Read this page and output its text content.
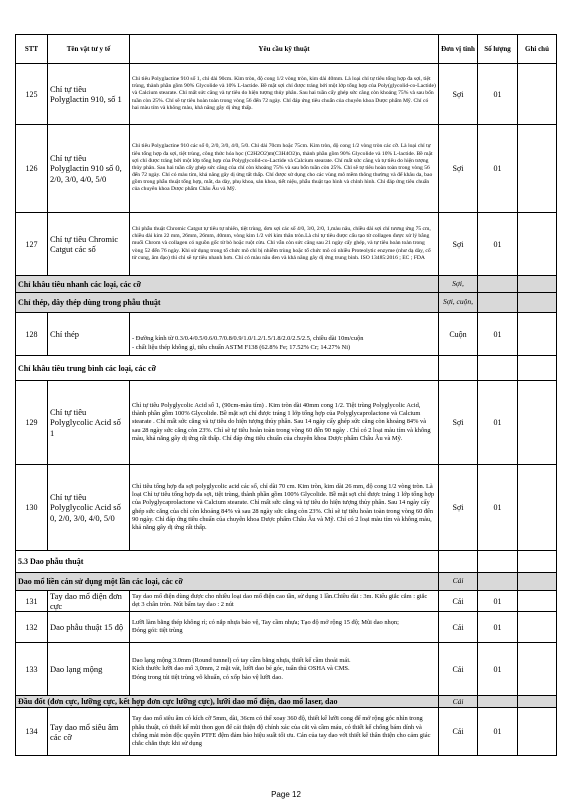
STT	Tên vật tư y tế	Yêu cầu kỹ thuật	Đơn vị tính	Số lượng	Ghi chú
125	Chỉ tự tiêu Polyglactin 910, số 1	Chỉ tiêu Polyglactine 910 số 1, chỉ dài 90cm. Kim tròn, độ cong 1/2 vòng tròn, kim dài 40mm. Là loại chỉ tự tiêu tổng hợp đa sợi, tiệt trùng, thành phần gồm 90% Glycolide và 10% L-lactide. Bề mặt sợi chỉ được tráng bởi một lớp tổng hợp của Poly(glycolid-co-Lactide) và Calcium stearate. Chỉ mất sức căng và tự tiêu do hiện tượng thủy phân. Sau hai tuần cấy ghép sức căng còn khoảng 75% và sau bốn tuần còn 25%. Chỉ sẽ tự tiêu hoàn toàn trong vòng 56 đến 72 ngày. Chỉ đáp ứng tiêu chuẩn của chuyên khoa Dược phẩm Mỹ. Chỉ có hai màu tím và không màu, khả năng gây dị ứng thấp.	Sợi	01	
126	Chỉ tự tiêu Polyglactin 910 số 0, 2/0, 3/0, 4/0, 5/0	Chỉ tiêu Polyglactine 910 các số 0, 2/0, 3/0, 4/0, 5/0. Chỉ dài 70cm hoặc 75cm. Kim tròn, độ cong 1/2 vòng tròn các cỡ. Là loại chỉ tự tiêu tổng hợp đa sợi, tiệt trùng, công thức hóa học (C2H2O2)m(C3H4O2)n, thành phần gồm 90% Glycolide và 10% L-lactide. Bề mặt sợi chỉ được tráng bởi một lớp tổng hợp của Polyglycolid-co-Lactide và Calcium stearate. Chỉ mất sức căng và tự tiêu do hiện tượng thủy phân. Sau hai tuần cấy ghép sức căng của chỉ còn khoảng 75% và sau bốn tuần còn 25%. Chỉ sẽ tự tiêu hoàn toàn trong vòng 56 đến 72 ngày. Chỉ có màu tím, khả năng gây dị ứng tất thấp. Chỉ được sử dụng cho các vùng mô mềm thông thường và để khâu da, bao gồm trong phẫu thuật tổng hợp, mắt, da dày, phụ khoa, sản khoa, tiết niệu, phẫu thuật tạo hình và chỉnh hình. Chỉ đáp ứng tiêu chuẩn của chuyên khoa Dược phẩm Châu Âu và Mỹ.	Sợi	01	
127	Chỉ tự tiêu Chromic Catgut các số	Chỉ phẫu thuật Chromic Catgut tự tiêu tự nhiên, tiệt trùng, đơn sợi các số 4/0, 3/0, 2/0, 1,màu nâu, chiều dài sợi chỉ tương ứng 75 cm, chiều dài kim 22 mm, 26mm, 26mm, 40mm, vòng kim 1/2 với kim thân tròn.Là chỉ tự tiêu được cấu tạo từ collagen được xử lý bằng muối Chrom và collagen có nguồn gốc từ bò hoặc ruột cừu. Chỉ vẫn còn sức căng sau 21 ngày cấy ghép, và tự tiêu hoàn toàn trong vòng 52 đến 76 ngày. Khi sử dụng trong tổ chức mô chỉ bị nhiễm trùng hoặc tổ chức mô có nhiều Proteolytic enzyme (như dạ dày, cổ tử cung, âm đạo) thì chỉ sẽ tự tiêu nhanh hơn. Chỉ có màu nâu đen và khả năng gây dị ứng trung bình. ISO 13485:2016 ; EC ; FDA	Sợi	01	
Chỉ khâu tiêu nhanh các loại, các cỡ			Sợi,		
Chỉ thép, dây thép dùng trong phẫu thuật			Sợi, cuộn,		
128	Chỉ thép	- Đường kính từ 0.3/0.4/0.5/0.6/0.7/0.8/0.9/1.0/1.2/1.5/1.8/2.0/2.5/2.5, chiều dài 10m/cuộn
- chất liệu thép không gỉ, tiêu chuẩn ASTM F138 (62.8% Fe; 17.52% Cr; 14.27% Ni)	Cuộn	01	
Chỉ khâu tiêu trung bình các loại, các cỡ					
129	Chỉ tự tiêu Polyglycolic Acid số 1	Chỉ tự tiêu Polyglycolic Acid số 1, (90cm-màu tím) . Kim tròn dài 40mm cong 1/2. Tiệt trùng Polyglycolic Acid, thành phần gồm 100% Glycolide. Bề mặt sợi chỉ được tráng 1 lớp tổng hợp của Polyglycaprolactone và Calcium stearate . Chỉ mất sức căng và tự tiêu do hiện tượng thủy phân. Sau 14 ngày cấy ghép sức căng còn khoảng 84% và sau 28 ngày sức căng còn 23%. Chỉ sẽ tự tiêu hoàn toàn trong vòng 60 đến 90 ngày . Chỉ có 2 loại màu tím và không màu, khả năng gây dị ứng rất thấp. Chỉ đáp ứng tiêu chuẩn của chuyên khoa Dược phẩm Châu Âu và Mỹ.	Sợi	01	
130	Chỉ tự tiêu Polyglycolic Acid số 0, 2/0, 3/0, 4/0, 5/0	Chỉ tiêu tổng hợp đa sợi polyglycolic acid các số, chỉ dài 70 cm. Kim tròn, kim dài 26 mm, độ cong 1/2 vòng tròn. Là loại Chỉ tự tiêu tổng hợp đa sợi, tiệt trùng, thành phần gồm 100% Glycolide. Bề mặt sợi chỉ được tráng 1 lớp tổng hợp của Polyglycaprolactone và Calcium stearate. Chỉ mất sức căng và tự tiêu do hiện tượng thủy phân. Sau 14 ngày cấy ghép sức căng của chỉ còn khoảng 84% và sau 28 ngày sức căng còn 23%. Chỉ sẽ tự tiêu hoàn toàn trong vòng 60 đến 90 ngày. Chỉ đáp ứng tiêu chuẩn của chuyên khoa Dược phẩm Châu Âu và Mỹ. Chỉ có 2 loại màu tím và không màu, khả năng gây dị ứng rất thấp.	Sợi	01	
5.3 Dao phẫu thuật					
Dao mổ liền cán sử dụng một lần các loại, các cỡ			Cái		
131	Tay dao mổ điện đơn cực	Tay dao mổ điện dùng được cho nhiều loại dao mổ điện cao tần, sử dụng 1 lần.Chiều dài : 3m. Kiểu giắc cắm : giắc dẹt 3 chân tròn. Nút bấm tay dao : 2 nút	Cái	01	
132	Dao phẫu thuật 15 độ	Lưỡi làm bằng thép không rỉ; có nắp nhựa bảo vệ, Tay cầm nhựa; Tạo độ mở rộng 15 độ; Mũi dao nhọn;
Đóng gói: tiệt trùng	Cái	01	
133	Dao lạng mộng	Dao lạng mộng 3.0mm (Round tunnel) có tay cầm bằng nhựa, thiết kế cầm thoải mái.
Kích thước lưỡi dao mổ 3,0mm, 2 mặt vát, lưỡi dao bé góc, tuân thủ OSHA và CMS.
Đóng trong túi tiệt trùng vô khuẩn, có xốp bảo vệ lưỡi dao.	Cái	01	
Đầu đốt (đơn cực, lưỡng cực, kết hợp đơn cực lưỡng cực), lưỡi dao mổ điện, dao mổ laser, dao			Cái		
134	Tay dao mổ siêu âm các cỡ	Tay dao mổ siêu âm có kích cỡ 5mm, dài, 36cm có thể xoay 360 độ, thiết kế lưỡi cong để mở rộng góc nhìn trong phẫu thuật, có thiết kế mũi thon gọn để cải thiện độ chính xác của cắt và cầm máu, có thiết kế chống bám dính và chống mài mòn độc quyền PTFE đệm đảm bảo hiệu suất tối ưu. Cán của tay dao với thiết kế thân thiện cho cảm giác chắc chắn thực khi sử dụng	Cái	01	
Page 12
